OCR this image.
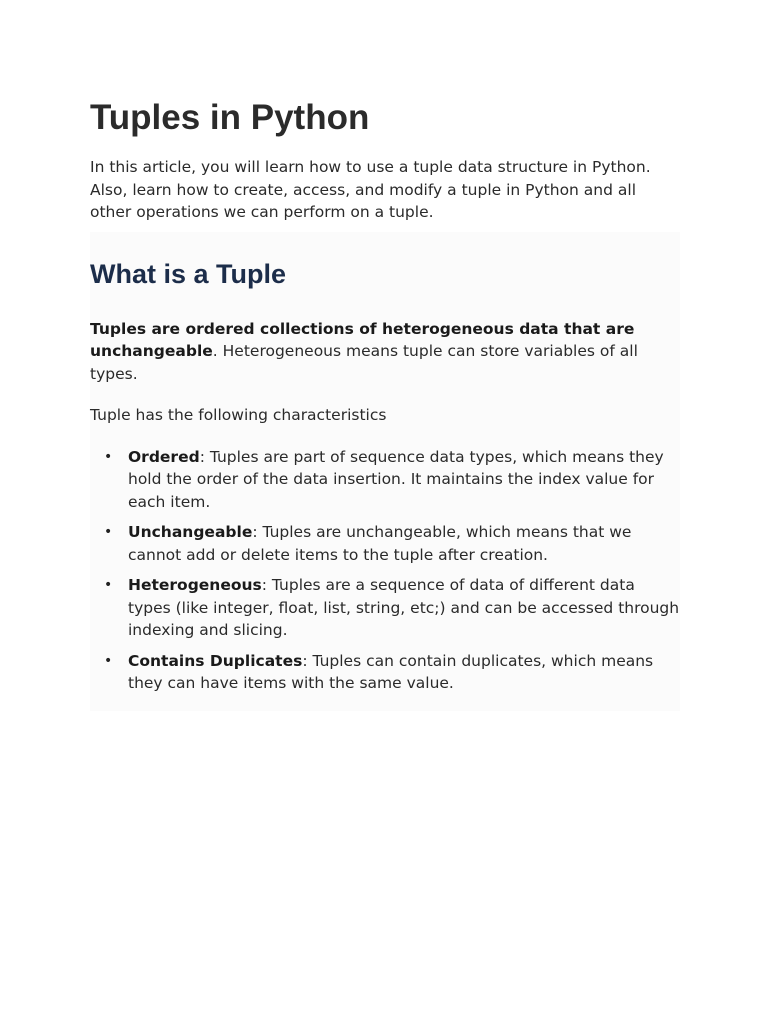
Tuples in Python

In this article, you will learn how to use a tuple data structure in Python. Also, learn how to create, access, and modify a tuple in Python and all other operations we can perform on a tuple.

What is a Tuple

Tuples are ordered collections of heterogeneous data that are unchangeable. Heterogeneous means tuple can store variables of all types.

Tuple has the following characteristics

• Ordered: Tuples are part of sequence data types, which means they hold the order of the data insertion. It maintains the index value for each item.
• Unchangeable: Tuples are unchangeable, which means that we cannot add or delete items to the tuple after creation.
• Heterogeneous: Tuples are a sequence of data of different data types (like integer, float, list, string, etc;) and can be accessed through indexing and slicing.
• Contains Duplicates: Tuples can contain duplicates, which means they can have items with the same value.
